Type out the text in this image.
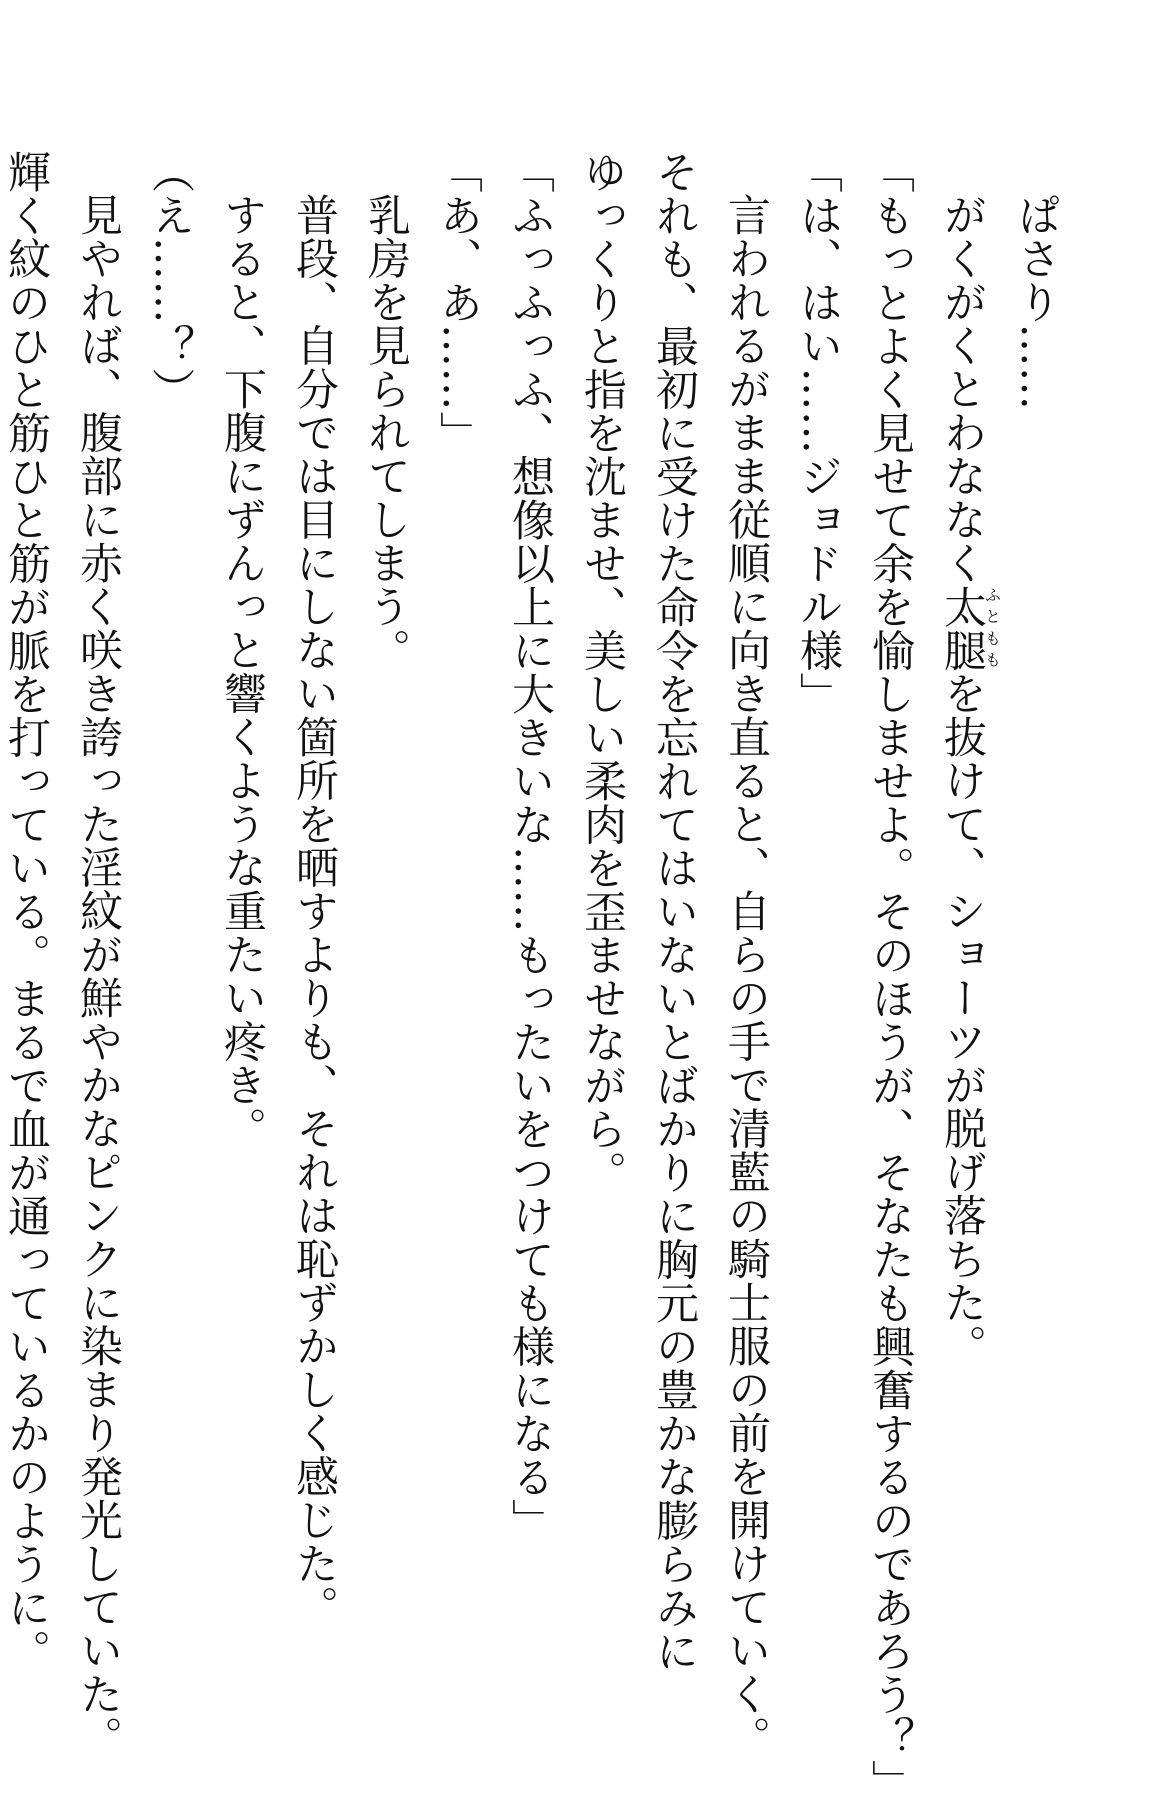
ぱさり……
がくがくとわななく太腿ふとももを抜けて、ショーツが脱げ落ちた。
「もっとよく見せて余を愉しませよ。そのほうが、そなたも興奮するのであろう？」
「は、はい……ジョドル様」
言われるがまま従順に向き直ると、自らの手で清藍の騎士服の前を開けていく。
それも、最初に受けた命令を忘れてはいないとばかりに胸元の豊かな膨らみに
ゆっくりと指を沈ませ、美しい柔肉を歪ませながら。
「ふっふっふ、想像以上に大きいな……もったいをつけても様になる」
「あ、あ……」
乳房を見られてしまう。
普段、自分では目にしない箇所を晒すよりも、それは恥ずかしく感じた。
すると、下腹にずんっと響くような重たい疼き。
（え……？）
見やれば、腹部に赤く咲き誇った淫紋が鮮やかなピンクに染まり発光していた。
輝く紋のひと筋ひと筋が脈を打っている。まるで血が通っているかのように。
